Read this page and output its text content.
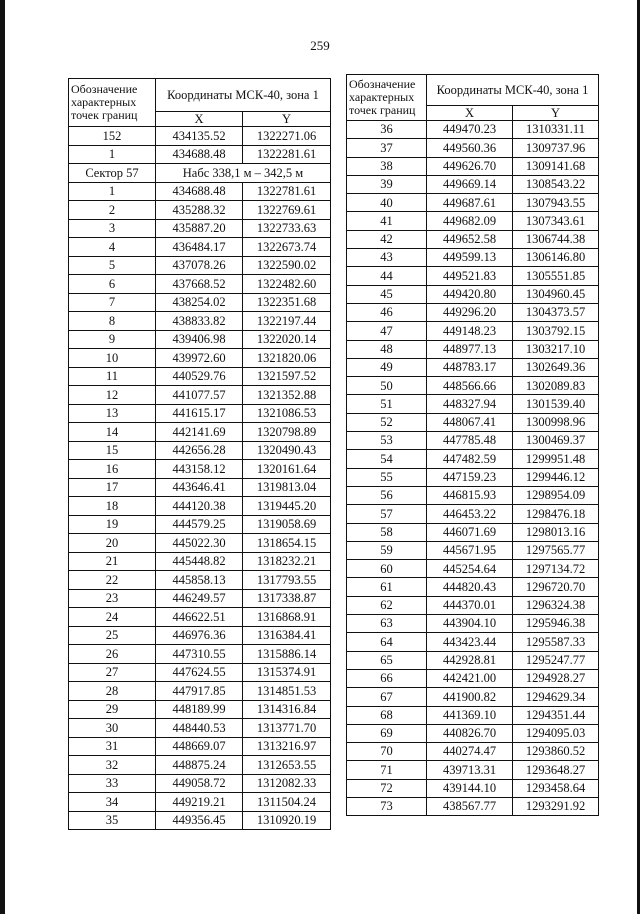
259
Обозначение характерных точек границ	Координаты МСК-40, зона 1	
	X	Y
152	434135.52	1322271.06
1	434688.48	1322281.61
Сектор 57	Набс 338,1 м – 342,5 м	
1	434688.48	1322781.61
2	435288.32	1322769.61
3	435887.20	1322733.63
4	436484.17	1322673.74
5	437078.26	1322590.02
6	437668.52	1322482.60
7	438254.02	1322351.68
8	438833.82	1322197.44
9	439406.98	1322020.14
10	439972.60	1321820.06
11	440529.76	1321597.52
12	441077.57	1321352.88
13	441615.17	1321086.53
14	442141.69	1320798.89
15	442656.28	1320490.43
16	443158.12	1320161.64
17	443646.41	1319813.04
18	444120.38	1319445.20
19	444579.25	1319058.69
20	445022.30	1318654.15
21	445448.82	1318232.21
22	445858.13	1317793.55
23	446249.57	1317338.87
24	446622.51	1316868.91
25	446976.36	1316384.41
26	447310.55	1315886.14
27	447624.55	1315374.91
28	447917.85	1314851.53
29	448189.99	1314316.84
30	448440.53	1313771.70
31	448669.07	1313216.97
32	448875.24	1312653.55
33	449058.72	1312082.33
34	449219.21	1311504.24
35	449356.45	1310920.19
Обозначение характерных точек границ	Координаты МСК-40, зона 1	
	X	Y
36	449470.23	1310331.11
37	449560.36	1309737.96
38	449626.70	1309141.68
39	449669.14	1308543.22
40	449687.61	1307943.55
41	449682.09	1307343.61
42	449652.58	1306744.38
43	449599.13	1306146.80
44	449521.83	1305551.85
45	449420.80	1304960.45
46	449296.20	1304373.57
47	449148.23	1303792.15
48	448977.13	1303217.10
49	448783.17	1302649.36
50	448566.66	1302089.83
51	448327.94	1301539.40
52	448067.41	1300998.96
53	447785.48	1300469.37
54	447482.59	1299951.48
55	447159.23	1299446.12
56	446815.93	1298954.09
57	446453.22	1298476.18
58	446071.69	1298013.16
59	445671.95	1297565.77
60	445254.64	1297134.72
61	444820.43	1296720.70
62	444370.01	1296324.38
63	443904.10	1295946.38
64	443423.44	1295587.33
65	442928.81	1295247.77
66	442421.00	1294928.27
67	441900.82	1294629.34
68	441369.10	1294351.44
69	440826.70	1294095.03
70	440274.47	1293860.52
71	439713.31	1293648.27
72	439144.10	1293458.64
73	438567.77	1293291.92
